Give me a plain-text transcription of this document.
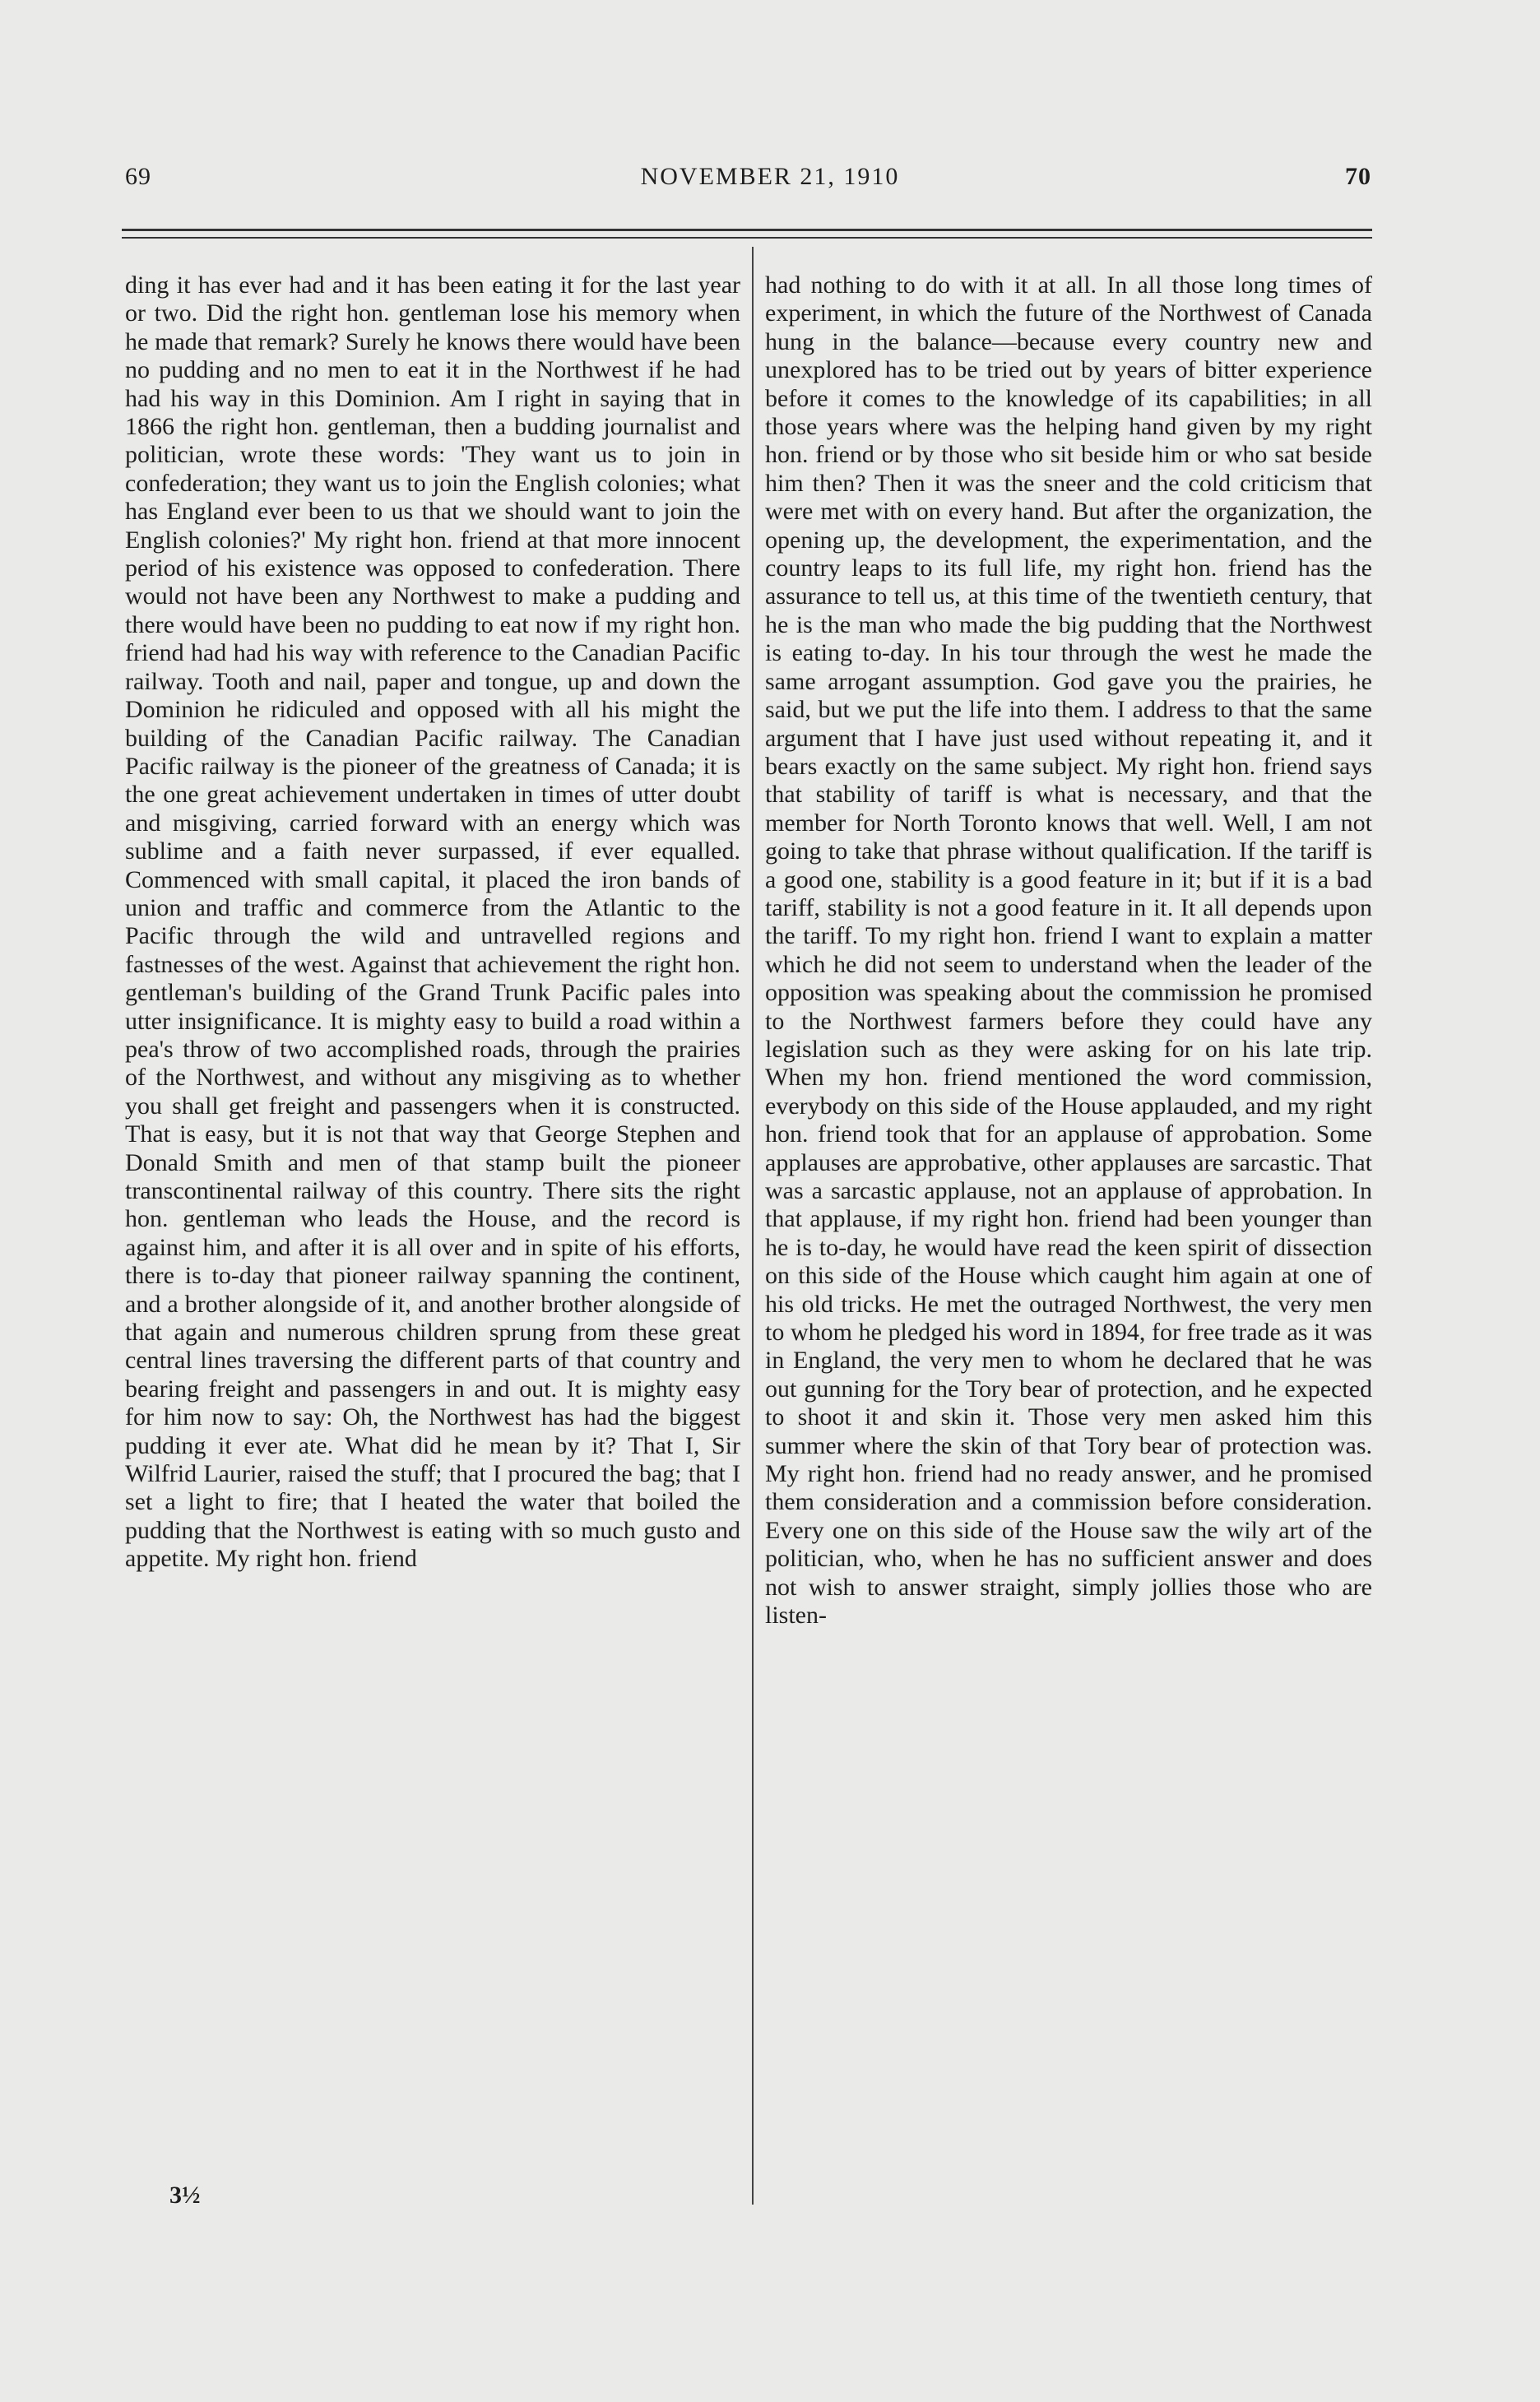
NOVEMBER 21, 1910
69	70

ding it has ever had and it has been eating it for the last year or two. Did the right hon. gentleman lose his memory when he made that remark? Surely he knows there would have been no pudding and no men to eat it in the Northwest if he had had his way in this Dominion. Am I right in saying that in 1866 the right hon. gentleman, then a budding journalist and politician, wrote these words: 'They want us to join in confederation; they want us to join the English colonies; what has England ever been to us that we should want to join the English colonies?' My right hon. friend at that more innocent period of his existence was opposed to confederation. There would not have been any Northwest to make a pudding and there would have been no pudding to eat now if my right hon. friend had had his way with reference to the Canadian Pacific railway. Tooth and nail, paper and tongue, up and down the Dominion he ridiculed and opposed with all his might the building of the Canadian Pacific railway. The Canadian Pacific railway is the pioneer of the greatness of Canada; it is the one great achievement undertaken in times of utter doubt and misgiving, carried forward with an energy which was sublime and a faith never surpassed, if ever equalled. Commenced with small capital, it placed the iron bands of union and traffic and commerce from the Atlantic to the Pacific through the wild and untravelled regions and fastnesses of the west. Against that achievement the right hon. gentleman's building of the Grand Trunk Pacific pales into utter insignificance. It is mighty easy to build a road within a pea's throw of two accomplished roads, through the prairies of the Northwest, and without any misgiving as to whether you shall get freight and passengers when it is constructed. That is easy, but it is not that way that George Stephen and Donald Smith and men of that stamp built the pioneer transcontinental railway of this country. There sits the right hon. gentleman who leads the House, and the record is against him, and after it is all over and in spite of his efforts, there is to-day that pioneer railway spanning the continent, and a brother alongside of it, and another brother alongside of that again and numerous children sprung from these great central lines traversing the different parts of that country and bearing freight and passengers in and out. It is mighty easy for him now to say: Oh, the Northwest has had the biggest pudding it ever ate. What did he mean by it? That I, Sir Wilfrid Laurier, raised the stuff; that I procured the bag; that I set a light to fire; that I heated the water that boiled the pudding that the Northwest is eating with so much gusto and appetite. My right hon. friend

had nothing to do with it at all. In all those long times of experiment, in which the future of the Northwest of Canada hung in the balance—because every country new and unexplored has to be tried out by years of bitter experience before it comes to the knowledge of its capabilities; in all those years where was the helping hand given by my right hon. friend or by those who sit beside him or who sat beside him then? Then it was the sneer and the cold criticism that were met with on every hand. But after the organization, the opening up, the development, the experimentation, and the country leaps to its full life, my right hon. friend has the assurance to tell us, at this time of the twentieth century, that he is the man who made the big pudding that the Northwest is eating to-day. In his tour through the west he made the same arrogant assumption. God gave you the prairies, he said, but we put the life into them. I address to that the same argument that I have just used without repeating it, and it bears exactly on the same subject. My right hon. friend says that stability of tariff is what is necessary, and that the member for North Toronto knows that well. Well, I am not going to take that phrase without qualification. If the tariff is a good one, stability is a good feature in it; but if it is a bad tariff, stability is not a good feature in it. It all depends upon the tariff. To my right hon. friend I want to explain a matter which he did not seem to understand when the leader of the opposition was speaking about the commission he promised to the Northwest farmers before they could have any legislation such as they were asking for on his late trip. When my hon. friend mentioned the word commission, everybody on this side of the House applauded, and my right hon. friend took that for an applause of approbation. Some applauses are approbative, other applauses are sarcastic. That was a sarcastic applause, not an applause of approbation. In that applause, if my right hon. friend had been younger than he is to-day, he would have read the keen spirit of dissection on this side of the House which caught him again at one of his old tricks. He met the outraged Northwest, the very men to whom he pledged his word in 1894, for free trade as it was in England, the very men to whom he declared that he was out gunning for the Tory bear of protection, and he expected to shoot it and skin it. Those very men asked him this summer where the skin of that Tory bear of protection was. My right hon. friend had no ready answer, and he promised them consideration and a commission before consideration. Every one on this side of the House saw the wily art of the politician, who, when he has no sufficient answer and does not wish to answer straight, simply jollies those who are listen-

3½
